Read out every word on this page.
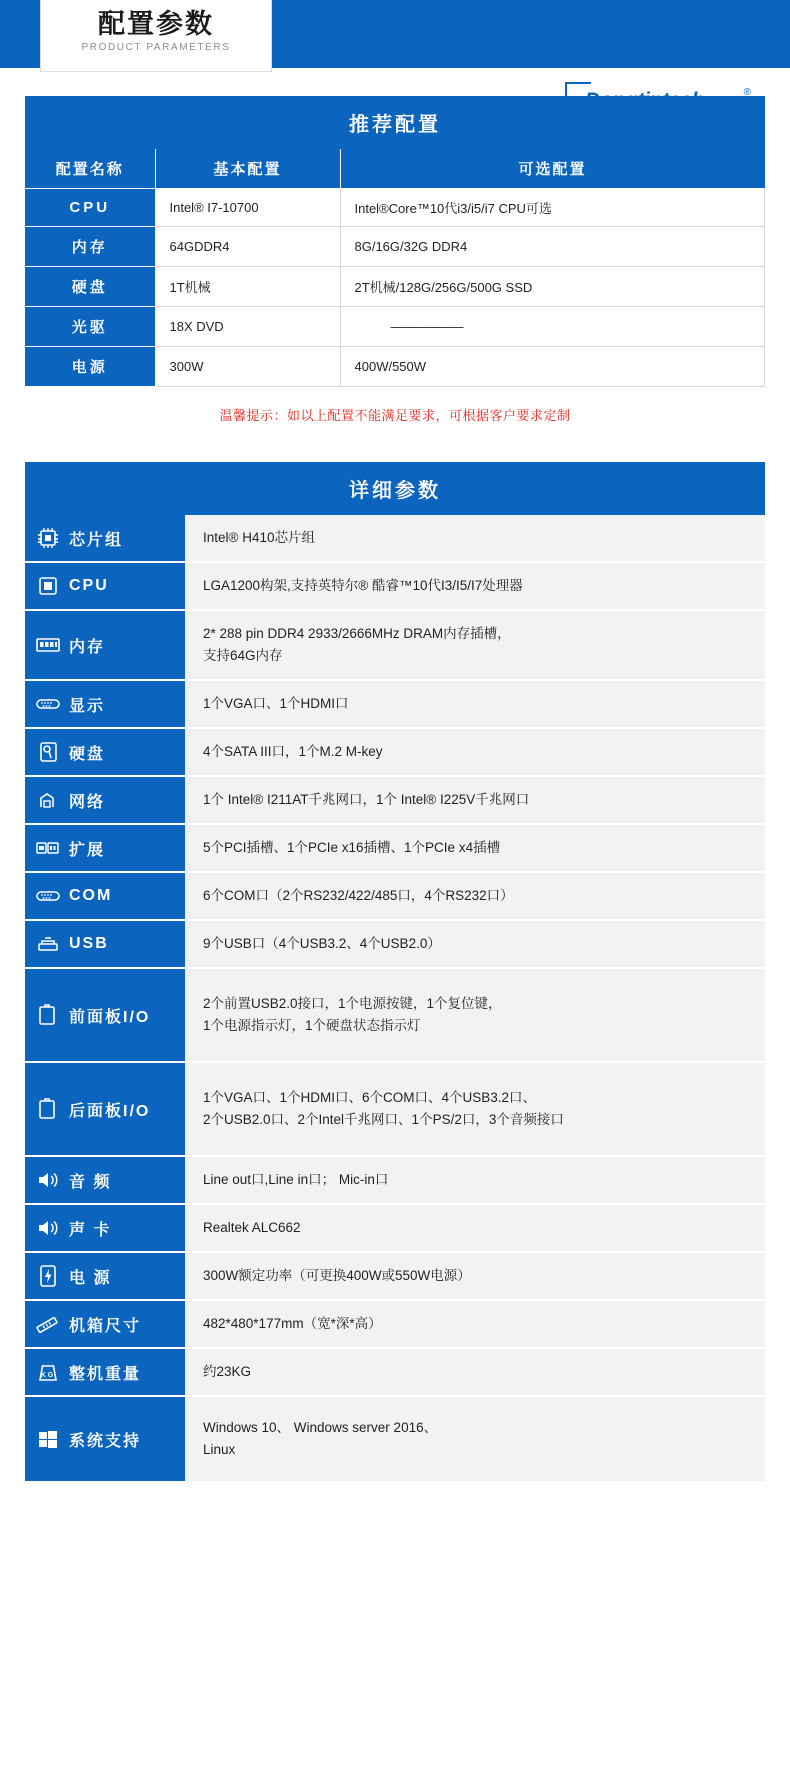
配置参数
PRODUCT PARAMETERS
Dongtintech	®
东田工控
推荐配置
配置名称	基本配置	可选配置
CPU	Intel® I7-10700	Intel®Core™10代i3/i5/i7 CPU可选
内存	64GDDR4	8G/16G/32G DDR4
硬盘	1T机械	2T机械/128G/256G/500G SSD
光驱	18X DVD	——————
电源	300W	400W/550W
温馨提示：如以上配置不能满足要求，可根据客户要求定制
详细参数
芯片组	Intel® H410芯片组

CPU	LGA1200构架,支持英特尔® 酷睿™10代I3/I5/I7处理器

内存	2* 288 pin DDR4 2933/2666MHz DRAM内存插槽，
支持64G内存

显示	1个VGA口、1个HDMI口

硬盘	4个SATA III口，1个M.2 M-key

网络	1个 Intel® I211AT千兆网口，1个 Intel® I225V千兆网口

扩展	5个PCI插槽、1个PCIe x16插槽、1个PCIe x4插槽

COM	6个COM口（2个RS232/422/485口，4个RS232口）

USB	9个USB口（4个USB3.2、4个USB2.0）

前面板I/O	2个前置USB2.0接口，1个电源按键，1个复位键，
1个电源指示灯，1个硬盘状态指示灯

后面板I/O	1个VGA口、1个HDMI口、6个COM口、4个USB3.2口、
2个USB2.0口、2个Intel千兆网口、1个PS/2口，3个音频接口

音 频	Line out口,Line in口； Mic-in口

声 卡	Realtek ALC662

电 源	300W额定功率（可更换400W或550W电源）

机箱尺寸	482*480*177mm（宽*深*高）

KG 整机重量	约23KG

系统支持	Windows 10、 Windows server 2016、
Linux
